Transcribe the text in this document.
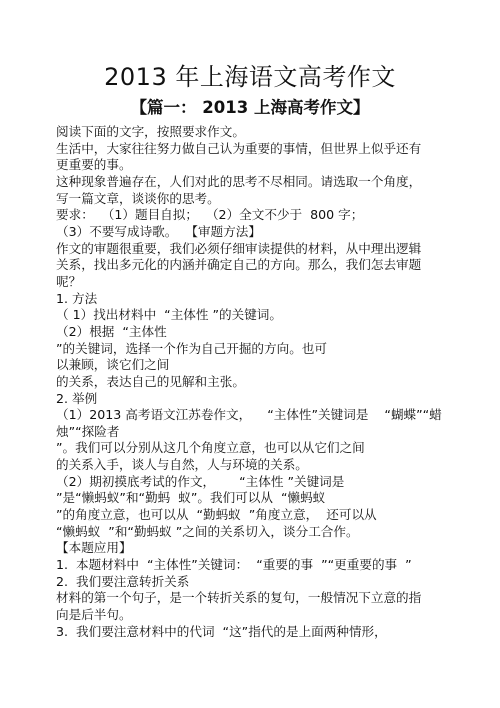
2013 年上海语文高考作文
【篇一： 2013 上海高考作文】
阅读下面的文字，按照要求作文。
生活中，大家往往努力做自己认为重要的事情，但世界上似乎还有
更重要的事。
这种现象普遍存在，人们对此的思考不尽相同。请选取一个角度，
写一篇文章，谈谈你的思考。
要求：  （1）题目自拟；  （2）全文不少于  800 字；
（3）不要写成诗歌。  【审题方法】
作文的审题很重要，我们必须仔细审读提供的材料，从中理出逻辑
关系，找出多元化的内涵并确定自己的方向。那么，我们怎去审题
呢？
1. 方法
（ 1）找出材料中  “主体性 ”的关键词。
（2）根据  “主体性
”的关键词，选择一个作为自己开掘的方向。也可
以兼顾，谈它们之间
的关系，表达自己的见解和主张。
2. 举例
（1）2013 高考语文江苏卷作文，    “主体性”关键词是    “蝴蝶”“蜡
烛”“探险者
”。我们可以分别从这几个角度立意，也可以从它们之间
的关系入手，谈人与自然，人与环境的关系。
（2）期初摸底考试的作文，      “主体性 ”关键词是
”是“懒蚂蚁”和“勤蚂  蚁”。我们可以从  “懒蚂蚁
”的角度立意，也可以从  “勤蚂蚁  ”角度立意，  还可以从
“懒蚂蚁  ”和“勤蚂蚁 ”之间的关系切入，谈分工合作。
【本题应用】
1.  本题材料中  “主体性”关键词：  “重要的事  ”“更重要的事  ”
2.  我们要注意转折关系
材料的第一个句子，是一个转折关系的复句，一般情况下立意的指
向是后半句。
3.  我们要注意材料中的代词  “这”指代的是上面两种情形，
